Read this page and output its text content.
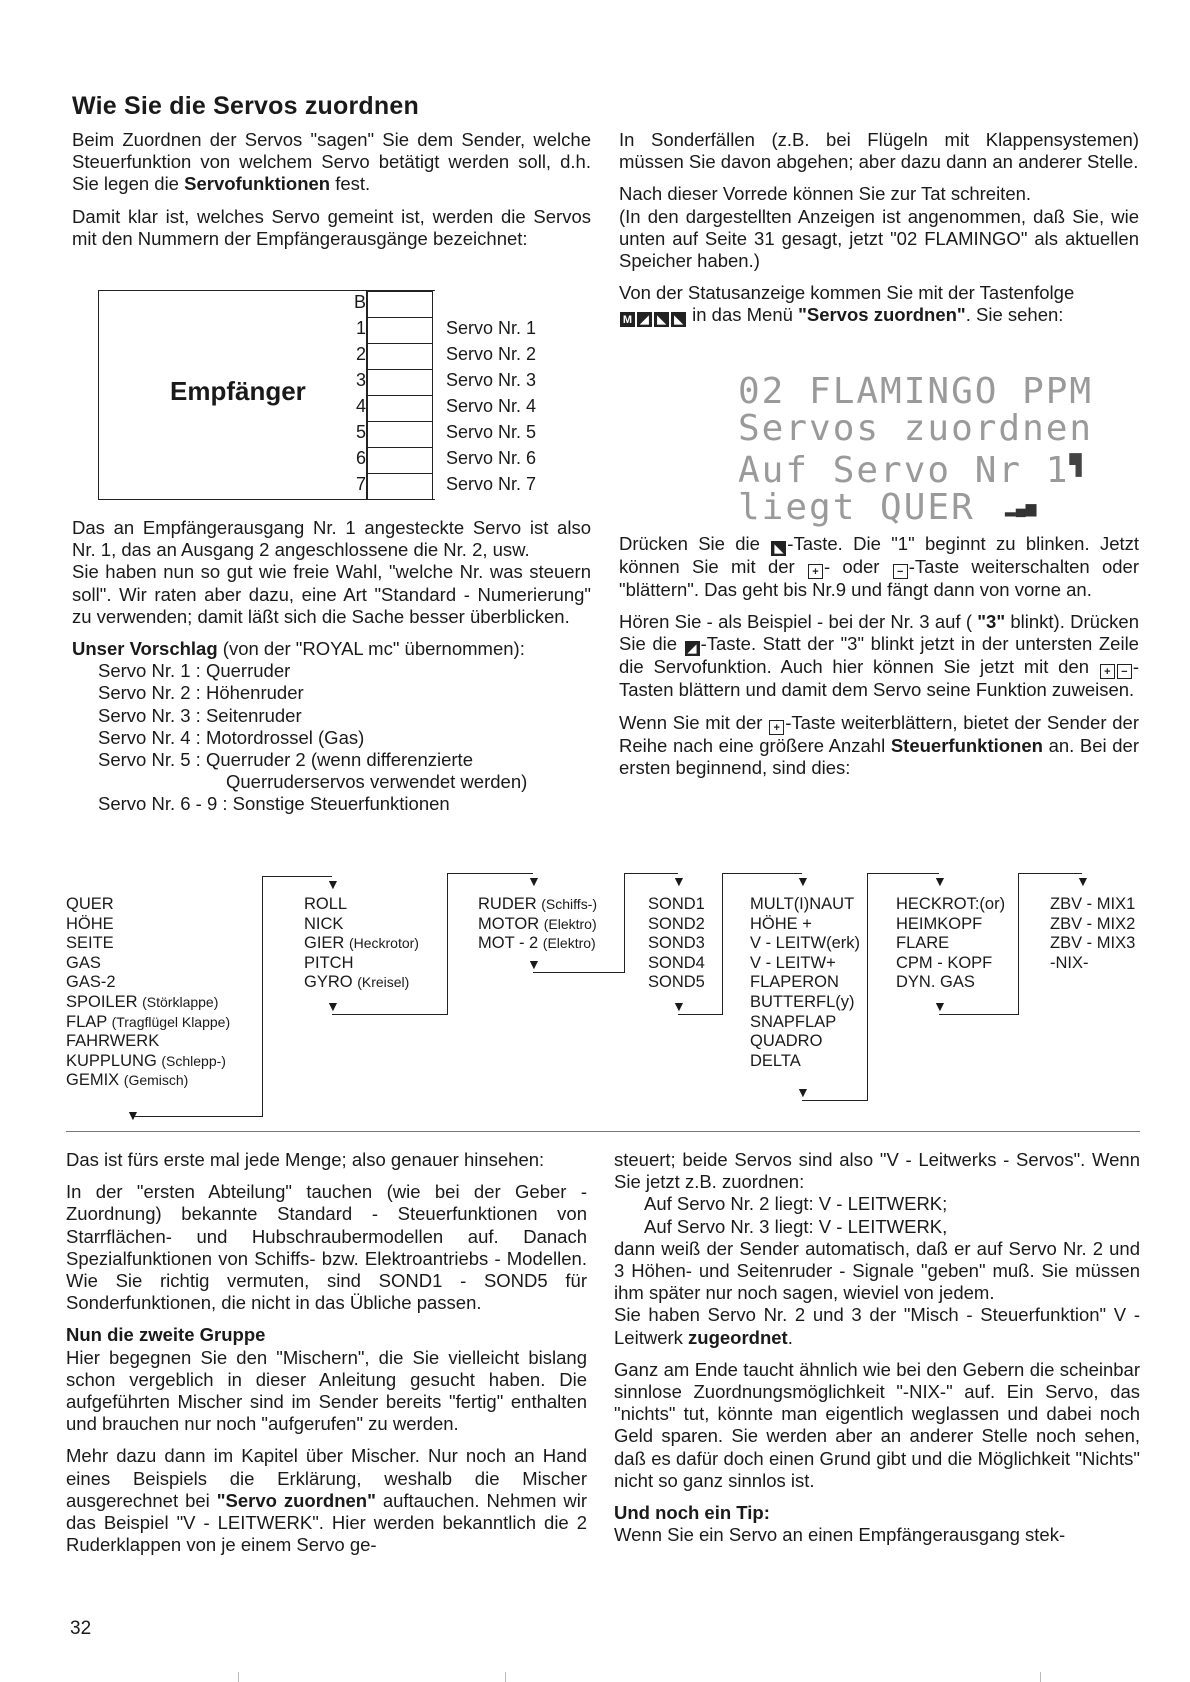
Wie Sie die Servos zuordnen

Beim Zuordnen der Servos "sagen" Sie dem Sender, welche Steuerfunktion von welchem Servo betätigt werden soll, d.h. Sie legen die Servofunktionen fest.

Damit klar ist, welches Servo gemeint ist, werden die Servos mit den Nummern der Empfängerausgänge bezeichnet:

Empfänger
B
1
2
3
4
5
6
7
Servo Nr. 1
Servo Nr. 2
Servo Nr. 3
Servo Nr. 4
Servo Nr. 5
Servo Nr. 6
Servo Nr. 7

Das an Empfängerausgang Nr. 1 angesteckte Servo ist also Nr. 1, das an Ausgang 2 angeschlossene die Nr. 2, usw.

Sie haben nun so gut wie freie Wahl, "welche Nr. was steuern soll". Wir raten aber dazu, eine Art "Standard - Numerierung" zu verwenden; damit läßt sich die Sache besser überblicken.

Unser Vorschlag (von der "ROYAL mc" übernommen):

Servo Nr. 1 : Querruder
Servo Nr. 2 : Höhenruder
Servo Nr. 3 : Seitenruder
Servo Nr. 4 : Motordrossel (Gas)
Servo Nr. 5 : Querruder 2 (wenn differenzierte
Querruderservos verwendet werden)
Servo Nr. 6 - 9 : Sonstige Steuerfunktionen

In Sonderfällen (z.B. bei Flügeln mit Klappensystemen) müssen Sie davon abgehen; aber dazu dann an anderer Stelle.

Nach dieser Vorrede können Sie zur Tat schreiten.

(In den dargestellten Anzeigen ist angenommen, daß Sie, wie unten auf Seite 31 gesagt, jetzt "02 FLAMINGO" als aktuellen Speicher haben.)

Von der Statusanzeige kommen Sie mit der Tastenfolge
M ◢ ◣ ◣ in das Menü "Servos zuordnen". Sie sehen:

02 FLAMINGO PPM
Servos zuordnen
Auf Servo Nr 1▜
liegt QUER	▂▄▆

Drücken Sie die ◣ -Taste. Die "1" beginnt zu blinken. Jetzt können Sie mit der + - oder − -Taste weiterschalten oder "blättern". Das geht bis Nr.9 und fängt dann von vorne an.

Hören Sie - als Beispiel - bei der Nr. 3 auf ( "3" blinkt). Drücken Sie die ◢ -Taste. Statt der "3" blinkt jetzt in der untersten Zeile die Servofunktion. Auch hier können Sie jetzt mit den + − -Tasten blättern und damit dem Servo seine Funktion zuweisen.

Wenn Sie mit der + -Taste weiterblättern, bietet der Sender der Reihe nach eine größere Anzahl Steuerfunktionen an. Bei der ersten beginnend, sind dies:

QUER
HÖHE
SEITE
GAS
GAS-2
SPOILER (Störklappe)
FLAP (Tragflügel Klappe)
FAHRWERK
KUPPLUNG (Schlepp-)
GEMIX (Gemisch)
ROLL
NICK
GIER (Heckrotor)
PITCH
GYRO (Kreisel)
RUDER (Schiffs-)
MOTOR (Elektro)
MOT - 2 (Elektro)
SOND1
SOND2
SOND3
SOND4
SOND5
MULT(I)NAUT
HÖHE +
V - LEITW(erk)
V - LEITW+
FLAPERON
BUTTERFL(y)
SNAPFLAP
QUADRO
DELTA
HECKROT:(or)
HEIMKOPF
FLARE
CPM - KOPF
DYN. GAS
ZBV - MIX1
ZBV - MIX2
ZBV - MIX3
-NIX-
▼
▼
▼
▼
▼
▼
▼
▼
▼
▼
▼
▼

Das ist fürs erste mal jede Menge; also genauer hinsehen:

In der "ersten Abteilung" tauchen (wie bei der Geber - Zuordnung) bekannte Standard - Steuerfunktionen von Starrflächen- und Hubschraubermodellen auf. Danach Spezialfunktionen von Schiffs- bzw. Elektroantriebs - Modellen. Wie Sie richtig vermuten, sind SOND1 - SOND5 für Sonderfunktionen, die nicht in das Übliche passen.

Nun die zweite Gruppe

Hier begegnen Sie den "Mischern", die Sie vielleicht bislang schon vergeblich in dieser Anleitung gesucht haben. Die aufgeführten Mischer sind im Sender bereits "fertig" enthalten und brauchen nur noch "aufgerufen" zu werden.

Mehr dazu dann im Kapitel über Mischer. Nur noch an Hand eines Beispiels die Erklärung, weshalb die Mischer ausgerechnet bei "Servo zuordnen" auftauchen. Nehmen wir das Beispiel "V - LEITWERK". Hier werden bekanntlich die 2 Ruderklappen von je einem Servo ge-

steuert; beide Servos sind also "V - Leitwerks - Servos". Wenn Sie jetzt z.B. zuordnen:

Auf Servo Nr. 2 liegt: V - LEITWERK;
Auf Servo Nr. 3 liegt: V - LEITWERK,

dann weiß der Sender automatisch, daß er auf Servo Nr. 2 und 3 Höhen- und Seitenruder - Signale "geben" muß. Sie müssen ihm später nur noch sagen, wieviel von jedem.

Sie haben Servo Nr. 2 und 3 der "Misch - Steuerfunktion" V - Leitwerk zugeordnet.

Ganz am Ende taucht ähnlich wie bei den Gebern die scheinbar sinnlose Zuordnungsmöglichkeit "-NIX-" auf. Ein Servo, das "nichts" tut, könnte man eigentlich weglassen und dabei noch Geld sparen. Sie werden aber an anderer Stelle noch sehen, daß es dafür doch einen Grund gibt und die Möglichkeit "Nichts" nicht so ganz sinnlos ist.

Und noch ein Tip:

Wenn Sie ein Servo an einen Empfängerausgang stek-

32
